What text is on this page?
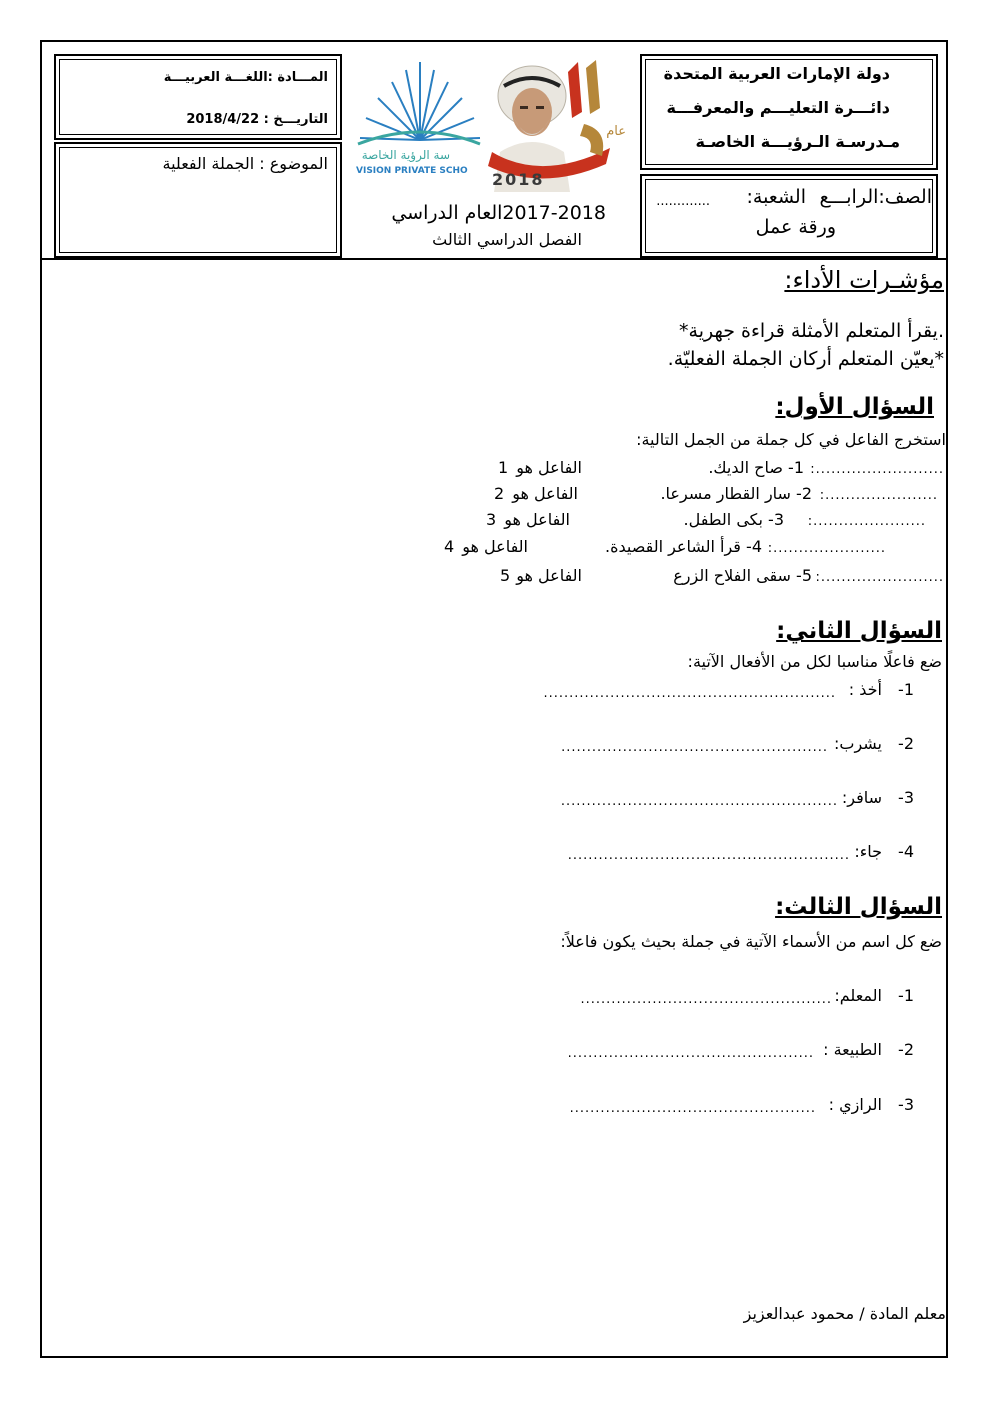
دولة الإمارات العربية المتحدة
دائـــرة التعليـــم والمعرفـــة
مـدرسـة الـرؤيـــة الخاصـة
الصف:الرابـــع
الشعبة:
.............
ورقة عمل
المـــادة :اللغـــة العربيـــة
التاريـــخ : 2018/4/22
الموضوع : الجملة الفعلية
عام
2018
سة الرؤية الخاصة
VISION PRIVATE SCHO
2017-2018العام الدراسي
الفصل الدراسي الثالث
مؤشـرات الأداء:
.يقرأ المتعلم الأمثلة قراءة جهرية*
*يعيّن المتعلم أركان الجملة الفعليّة.
السؤال الأول:
استخرج الفاعل في كل جملة من الجمل التالية:
1- صاح الديك. .........................:
الفاعل هو
1
2- سار القطار مسرعا. ......................:
الفاعل هو
2
3- بكى الطفل. ......................:
الفاعل هو
3
4- قرأ الشاعر القصيدة. ......................:
الفاعل هو
4
5- سقى الفلاح الزرع ........................:
الفاعل هو
5
السؤال الثاني:
ضع فاعلًا مناسبا لكل من الأفعال الآتية:
1-
أخذ :
.........................................................
2-
يشرب:
....................................................
3-
سافر:
......................................................
4-
جاء:
.......................................................
السؤال الثالث:
ضع كل اسم من الأسماء الآتية في جملة بحيث يكون فاعلاً:
1-
المعلم:
.................................................
2-
الطبيعة :
................................................
3-
الرازي :
................................................
معلم المادة / محمود عبدالعزيز
